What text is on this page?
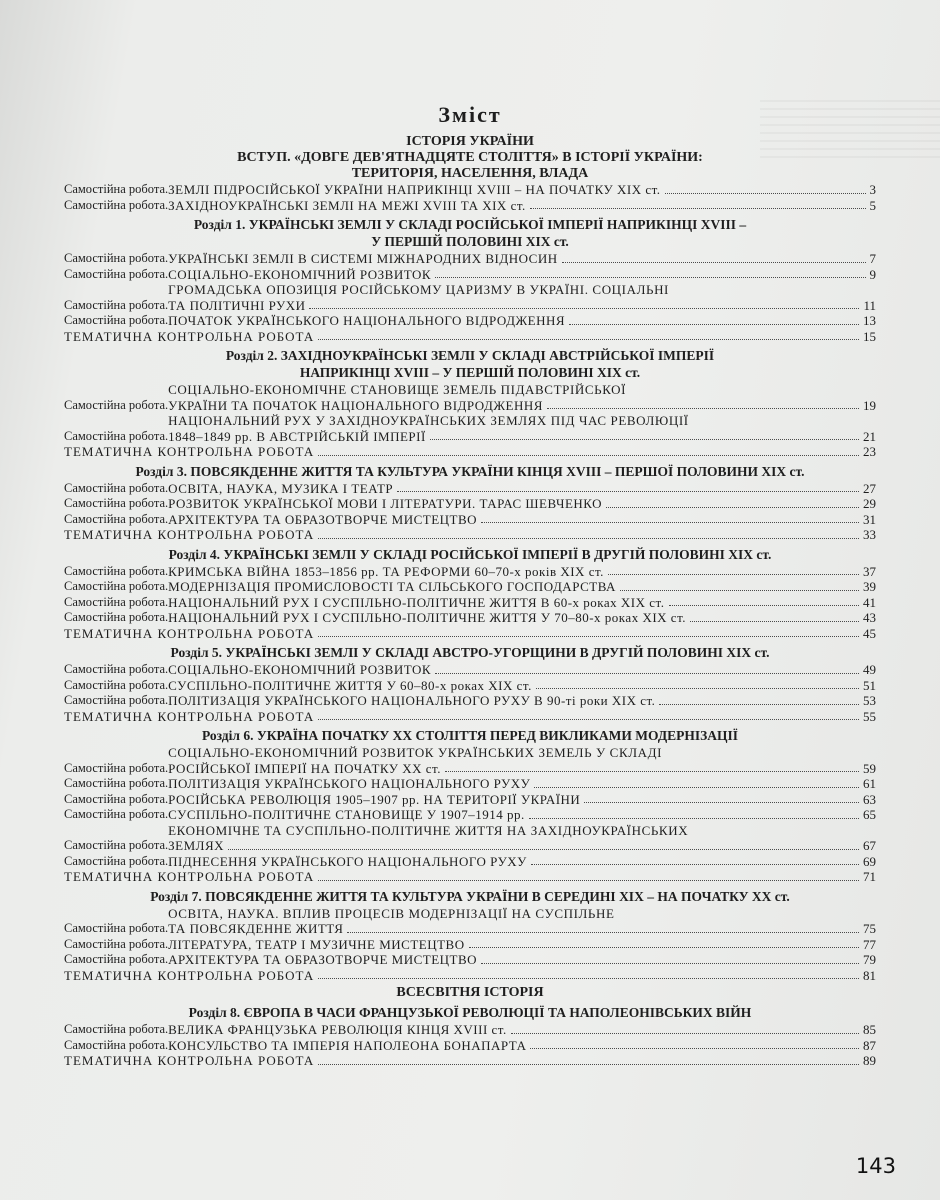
Зміст
ІСТОРІЯ УКРАЇНИ
ВСТУП. «ДОВГЕ ДЕВ'ЯТНАДЦЯТЕ СТОЛІТТЯ» В ІСТОРІЇ УКРАЇНИ:
ТЕРИТОРІЯ, НАСЕЛЕННЯ, ВЛАДА
Самостійна робота. ЗЕМЛІ ПІДРОСІЙСЬКОЇ УКРАЇНИ НАПРИКІНЦІ XVIII – НА ПОЧАТКУ XIX ст.	3
Самостійна робота. ЗАХІДНОУКРАЇНСЬКІ ЗЕМЛІ НА МЕЖІ XVIII ТА XIX ст.	5
Розділ 1. УКРАЇНСЬКІ ЗЕМЛІ У СКЛАДІ РОСІЙСЬКОЇ ІМПЕРІЇ НАПРИКІНЦІ XVIII –
У ПЕРШІЙ ПОЛОВИНІ XIX ст.
Самостійна робота. УКРАЇНСЬКІ ЗЕМЛІ В СИСТЕМІ МІЖНАРОДНИХ ВІДНОСИН	7
Самостійна робота. СОЦІАЛЬНО-ЕКОНОМІЧНИЙ РОЗВИТОК	9
Самостійна робота.
ГРОМАДСЬКА ОПОЗИЦІЯ РОСІЙСЬКОМУ ЦАРИЗМУ В УКРАЇНІ. СОЦІАЛЬНІ
ТА ПОЛІТИЧНІ РУХИ	11
Самостійна робота. ПОЧАТОК УКРАЇНСЬКОГО НАЦІОНАЛЬНОГО ВІДРОДЖЕННЯ	13
ТЕМАТИЧНА КОНТРОЛЬНА РОБОТА	15
Розділ 2. ЗАХІДНОУКРАЇНСЬКІ ЗЕМЛІ У СКЛАДІ АВСТРІЙСЬКОЇ ІМПЕРІЇ
НАПРИКІНЦІ XVIII – У ПЕРШІЙ ПОЛОВИНІ XIX ст.
Самостійна робота.
СОЦІАЛЬНО-ЕКОНОМІЧНЕ СТАНОВИЩЕ ЗЕМЕЛЬ ПІДАВСТРІЙСЬКОЇ
УКРАЇНИ ТА ПОЧАТОК НАЦІОНАЛЬНОГО ВІДРОДЖЕННЯ	19
Самостійна робота.
НАЦІОНАЛЬНИЙ РУХ У ЗАХІДНОУКРАЇНСЬКИХ ЗЕМЛЯХ ПІД ЧАС РЕВОЛЮЦІЇ
1848–1849 рр. В АВСТРІЙСЬКІЙ ІМПЕРІЇ	21
ТЕМАТИЧНА КОНТРОЛЬНА РОБОТА	23
Розділ 3. ПОВСЯКДЕННЕ ЖИТТЯ ТА КУЛЬТУРА УКРАЇНИ КІНЦЯ XVIII – ПЕРШОЇ ПОЛОВИНИ XIX ст.
Самостійна робота. ОСВІТА, НАУКА, МУЗИКА І ТЕАТР	27
Самостійна робота. РОЗВИТОК УКРАЇНСЬКОЇ МОВИ І ЛІТЕРАТУРИ. ТАРАС ШЕВЧЕНКО	29
Самостійна робота. АРХІТЕКТУРА ТА ОБРАЗОТВОРЧЕ МИСТЕЦТВО	31
ТЕМАТИЧНА КОНТРОЛЬНА РОБОТА	33
Розділ 4. УКРАЇНСЬКІ ЗЕМЛІ У СКЛАДІ РОСІЙСЬКОЇ ІМПЕРІЇ В ДРУГІЙ ПОЛОВИНІ XIX ст.
Самостійна робота. КРИМСЬКА ВІЙНА 1853–1856 рр. ТА РЕФОРМИ 60–70-х років XIX ст.	37
Самостійна робота. МОДЕРНІЗАЦІЯ ПРОМИСЛОВОСТІ ТА СІЛЬСЬКОГО ГОСПОДАРСТВА	39
Самостійна робота. НАЦІОНАЛЬНИЙ РУХ І СУСПІЛЬНО-ПОЛІТИЧНЕ ЖИТТЯ В 60-х роках XIX ст.	41
Самостійна робота. НАЦІОНАЛЬНИЙ РУХ І СУСПІЛЬНО-ПОЛІТИЧНЕ ЖИТТЯ У 70–80-х роках XIX ст.	43
ТЕМАТИЧНА КОНТРОЛЬНА РОБОТА	45
Розділ 5. УКРАЇНСЬКІ ЗЕМЛІ У СКЛАДІ АВСТРО-УГОРЩИНИ В ДРУГІЙ ПОЛОВИНІ XIX ст.
Самостійна робота. СОЦІАЛЬНО-ЕКОНОМІЧНИЙ РОЗВИТОК	49
Самостійна робота. СУСПІЛЬНО-ПОЛІТИЧНЕ ЖИТТЯ У 60–80-х роках XIX ст.	51
Самостійна робота. ПОЛІТИЗАЦІЯ УКРАЇНСЬКОГО НАЦІОНАЛЬНОГО РУХУ В 90-ті роки XIX ст.	53
ТЕМАТИЧНА КОНТРОЛЬНА РОБОТА	55
Розділ 6. УКРАЇНА ПОЧАТКУ XX СТОЛІТТЯ ПЕРЕД ВИКЛИКАМИ МОДЕРНІЗАЦІЇ
Самостійна робота.
СОЦІАЛЬНО-ЕКОНОМІЧНИЙ РОЗВИТОК УКРАЇНСЬКИХ ЗЕМЕЛЬ У СКЛАДІ
РОСІЙСЬКОЇ ІМПЕРІЇ НА ПОЧАТКУ XX ст.	59
Самостійна робота. ПОЛІТИЗАЦІЯ УКРАЇНСЬКОГО НАЦІОНАЛЬНОГО РУХУ	61
Самостійна робота. РОСІЙСЬКА РЕВОЛЮЦІЯ 1905–1907 рр. НА ТЕРИТОРІЇ УКРАЇНИ	63
Самостійна робота. СУСПІЛЬНО-ПОЛІТИЧНЕ СТАНОВИЩЕ У 1907–1914 рр.	65
Самостійна робота.
ЕКОНОМІЧНЕ ТА СУСПІЛЬНО-ПОЛІТИЧНЕ ЖИТТЯ НА ЗАХІДНОУКРАЇНСЬКИХ
ЗЕМЛЯХ	67
Самостійна робота. ПІДНЕСЕННЯ УКРАЇНСЬКОГО НАЦІОНАЛЬНОГО РУХУ	69
ТЕМАТИЧНА КОНТРОЛЬНА РОБОТА	71
Розділ 7. ПОВСЯКДЕННЕ ЖИТТЯ ТА КУЛЬТУРА УКРАЇНИ В СЕРЕДИНІ XIX – НА ПОЧАТКУ XX ст.
Самостійна робота.
ОСВІТА, НАУКА. ВПЛИВ ПРОЦЕСІВ МОДЕРНІЗАЦІЇ НА СУСПІЛЬНЕ
ТА ПОВСЯКДЕННЕ ЖИТТЯ	75
Самостійна робота. ЛІТЕРАТУРА, ТЕАТР І МУЗИЧНЕ МИСТЕЦТВО	77
Самостійна робота. АРХІТЕКТУРА ТА ОБРАЗОТВОРЧЕ МИСТЕЦТВО	79
ТЕМАТИЧНА КОНТРОЛЬНА РОБОТА	81
ВСЕСВІТНЯ ІСТОРІЯ
Розділ 8. ЄВРОПА В ЧАСИ ФРАНЦУЗЬКОЇ РЕВОЛЮЦІЇ ТА НАПОЛЕОНІВСЬКИХ ВІЙН
Самостійна робота. ВЕЛИКА ФРАНЦУЗЬКА РЕВОЛЮЦІЯ КІНЦЯ XVIII ст.	85
Самостійна робота. КОНСУЛЬСТВО ТА ІМПЕРІЯ НАПОЛЕОНА БОНАПАРТА	87
ТЕМАТИЧНА КОНТРОЛЬНА РОБОТА	89
143
